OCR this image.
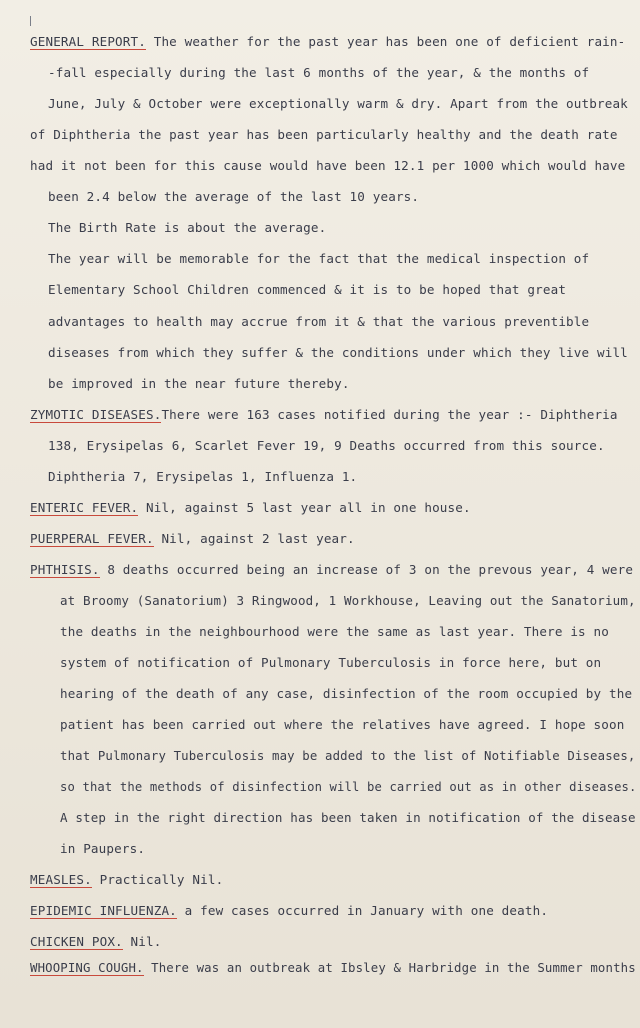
GENERAL REPORT. The weather for the past year has been one of deficient rain-
-fall especially during the last 6 months of the year, & the months of
June, July & October were exceptionally warm & dry. Apart from the outbreak
of Diphtheria the past year has been particularly healthy and the death rate
had it not been for this cause would have been 12.1 per 1000 which would have
been 2.4 below the average of the last 10 years.
The Birth Rate is about the average.
The year will be memorable for the fact that the medical inspection of
Elementary School Children commenced & it is to be hoped that great
advantages to health may accrue from it & that the various preventible
diseases from which they suffer & the conditions under which they live will
be improved in the near future thereby.
ZYMOTIC DISEASES.There were 163 cases notified during the year :- Diphtheria
138, Erysipelas 6, Scarlet Fever 19, 9 Deaths occurred from this source.
Diphtheria 7, Erysipelas 1, Influenza 1.
ENTERIC FEVER. Nil, against 5 last year all in one house.
PUERPERAL FEVER. Nil, against 2 last year.
PHTHISIS. 8 deaths occurred being an increase of 3 on the prevous year, 4 were
at Broomy (Sanatorium) 3 Ringwood, 1 Workhouse, Leaving out the Sanatorium,
the deaths in the neighbourhood were the same as last year. There is no
system of notification of Pulmonary Tuberculosis in force here, but on
hearing of the death of any case, disinfection of the room occupied by the
patient has been carried out where the relatives have agreed. I hope soon
that Pulmonary Tuberculosis may be added to the list of Notifiable Diseases,
so that the methods of disinfection will be carried out as in other diseases.
A step in the right direction has been taken in notification of the disease
in Paupers.
MEASLES. Practically Nil.
EPIDEMIC INFLUENZA. a few cases occurred in January with one death.
CHICKEN POX. Nil.
WHOOPING COUGH. There was an outbreak at Ibsley & Harbridge in the Summer months
